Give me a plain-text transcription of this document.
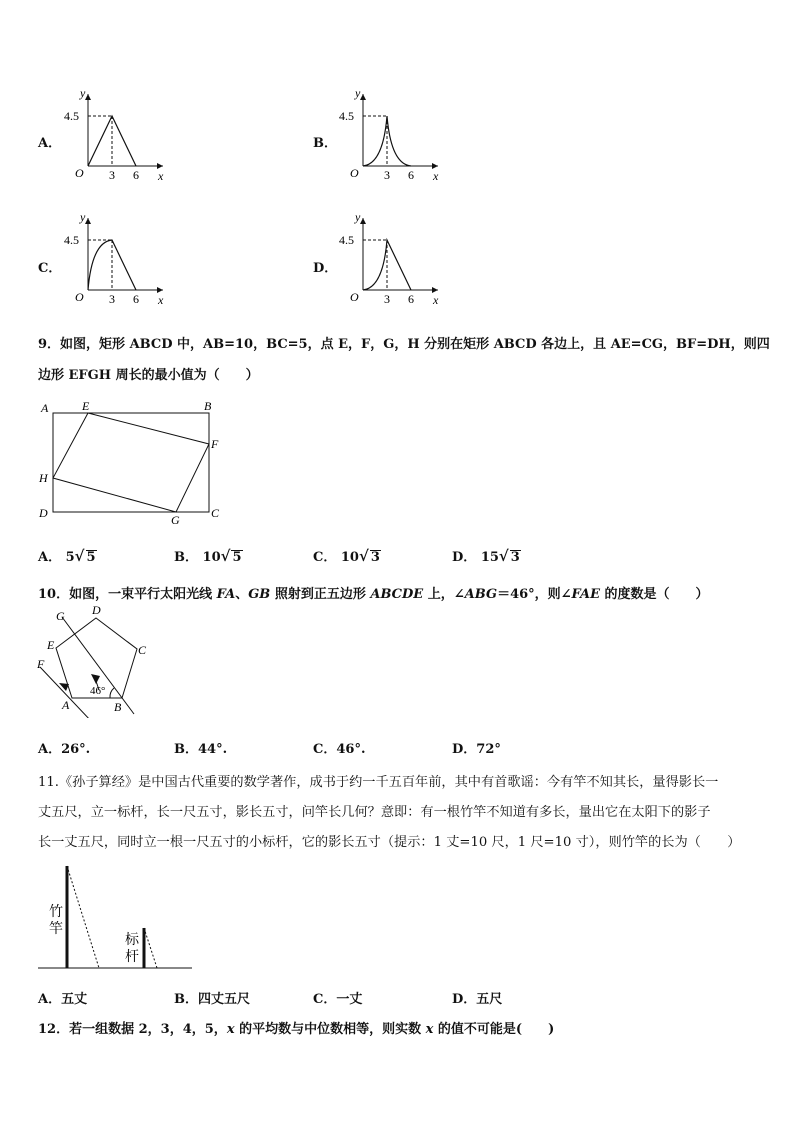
A．
y
x
O
4.5
3 6
B．
y
x
O
4.5
3 6
C．
y
x
O
4.5
3 6
D．
y
x
O
4.5
3 6
9．如图，矩形 ABCD 中，AB=10，BC=5，点 E，F，G，H 分别在矩形 ABCD 各边上，且 AE=CG，BF=DH，则四
边形 EFGH 周长的最小值为（　　）
A	E	B
F
H
D	G	C
A． 5√ 5	B． 10√ 5	C． 10√ 3	D． 15√ 3
10．如图，一束平行太阳光线 FA、GB 照射到正五边形 ABCDE 上，∠ABG＝46°，则∠FAE 的度数是（　　）
D
C
G
E
F
A	B
46°
A．26°.	B．44°.	C．46°.	D．72°
11.《孙子算经》是中国古代重要的数学著作，成书于约一千五百年前，其中有首歌谣：今有竿不知其长，量得影长一
丈五尺，立一标杆，长一尺五寸，影长五寸，问竿长几何？意即：有一根竹竿不知道有多长，量出它在太阳下的影子
长一丈五尺，同时立一根一尺五寸的小标杆，它的影长五寸（提示：1 丈=10 尺，1 尺=10 寸），则竹竿的长为（　　）
竹
竿
标
杆
A．五丈	B．四丈五尺	C．一丈	D．五尺
12．若一组数据 2，3，4，5，x 的平均数与中位数相等，则实数 x 的值不可能是(　　)
